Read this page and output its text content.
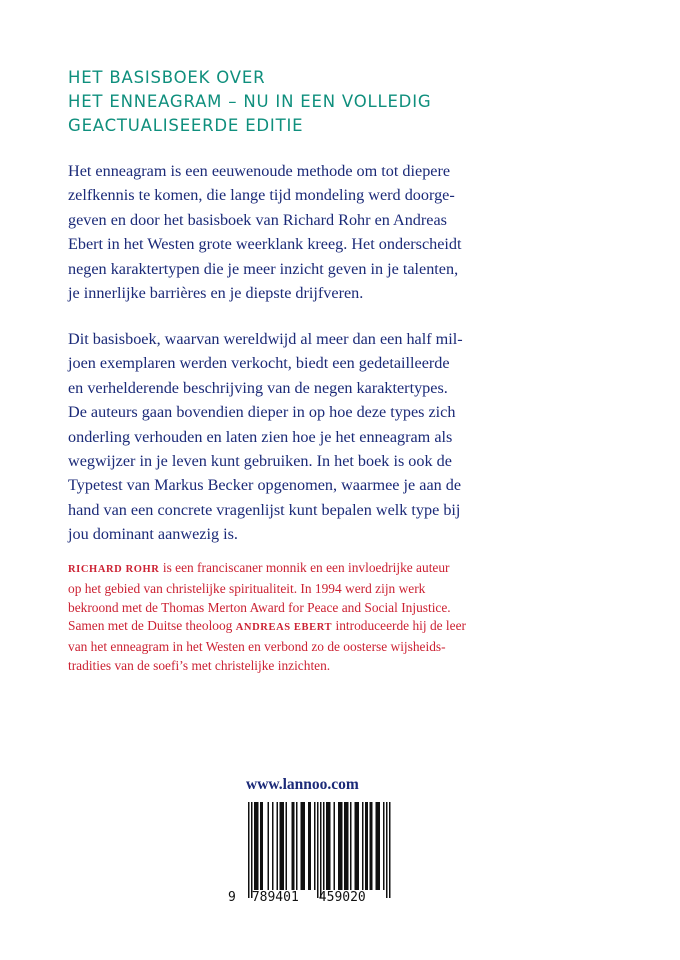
HET BASISBOEK OVER
HET ENNEAGRAM – NU IN EEN VOLLEDIG
GEACTUALISEERDE EDITIE

Het enneagram is een eeuwenoude methode om tot diepere
zelfkennis te komen, die lange tijd mondeling werd doorge-
geven en door het basisboek van Richard Rohr en Andreas
Ebert in het Westen grote weerklank kreeg. Het onderscheidt
negen karaktertypen die je meer inzicht geven in je talenten,
je innerlijke barrières en je diepste drijfveren.

Dit basisboek, waarvan wereldwijd al meer dan een half mil-
joen exemplaren werden verkocht, biedt een gedetailleerde
en verhelderende beschrijving van de negen karaktertypes.
De auteurs gaan bovendien dieper in op hoe deze types zich
onderling verhouden en laten zien hoe je het enneagram als
wegwijzer in je leven kunt gebruiken. In het boek is ook de
Typetest van Markus Becker opgenomen, waarmee je aan de
hand van een concrete vragenlijst kunt bepalen welk type bij
jou dominant aanwezig is.

RICHARD ROHR is een franciscaner monnik en een invloedrijke auteur
op het gebied van christelijke spiritualiteit. In 1994 werd zijn werk
bekroond met de Thomas Merton Award for Peace and Social Injustice.
Samen met de Duitse theoloog ANDREAS EBERT introduceerde hij de leer
van het enneagram in het Westen en verbond zo de oosterse wijsheids-
tradities van de soefi’s met christelijke inzichten.
www.lannoo.com
9 789401 459020
